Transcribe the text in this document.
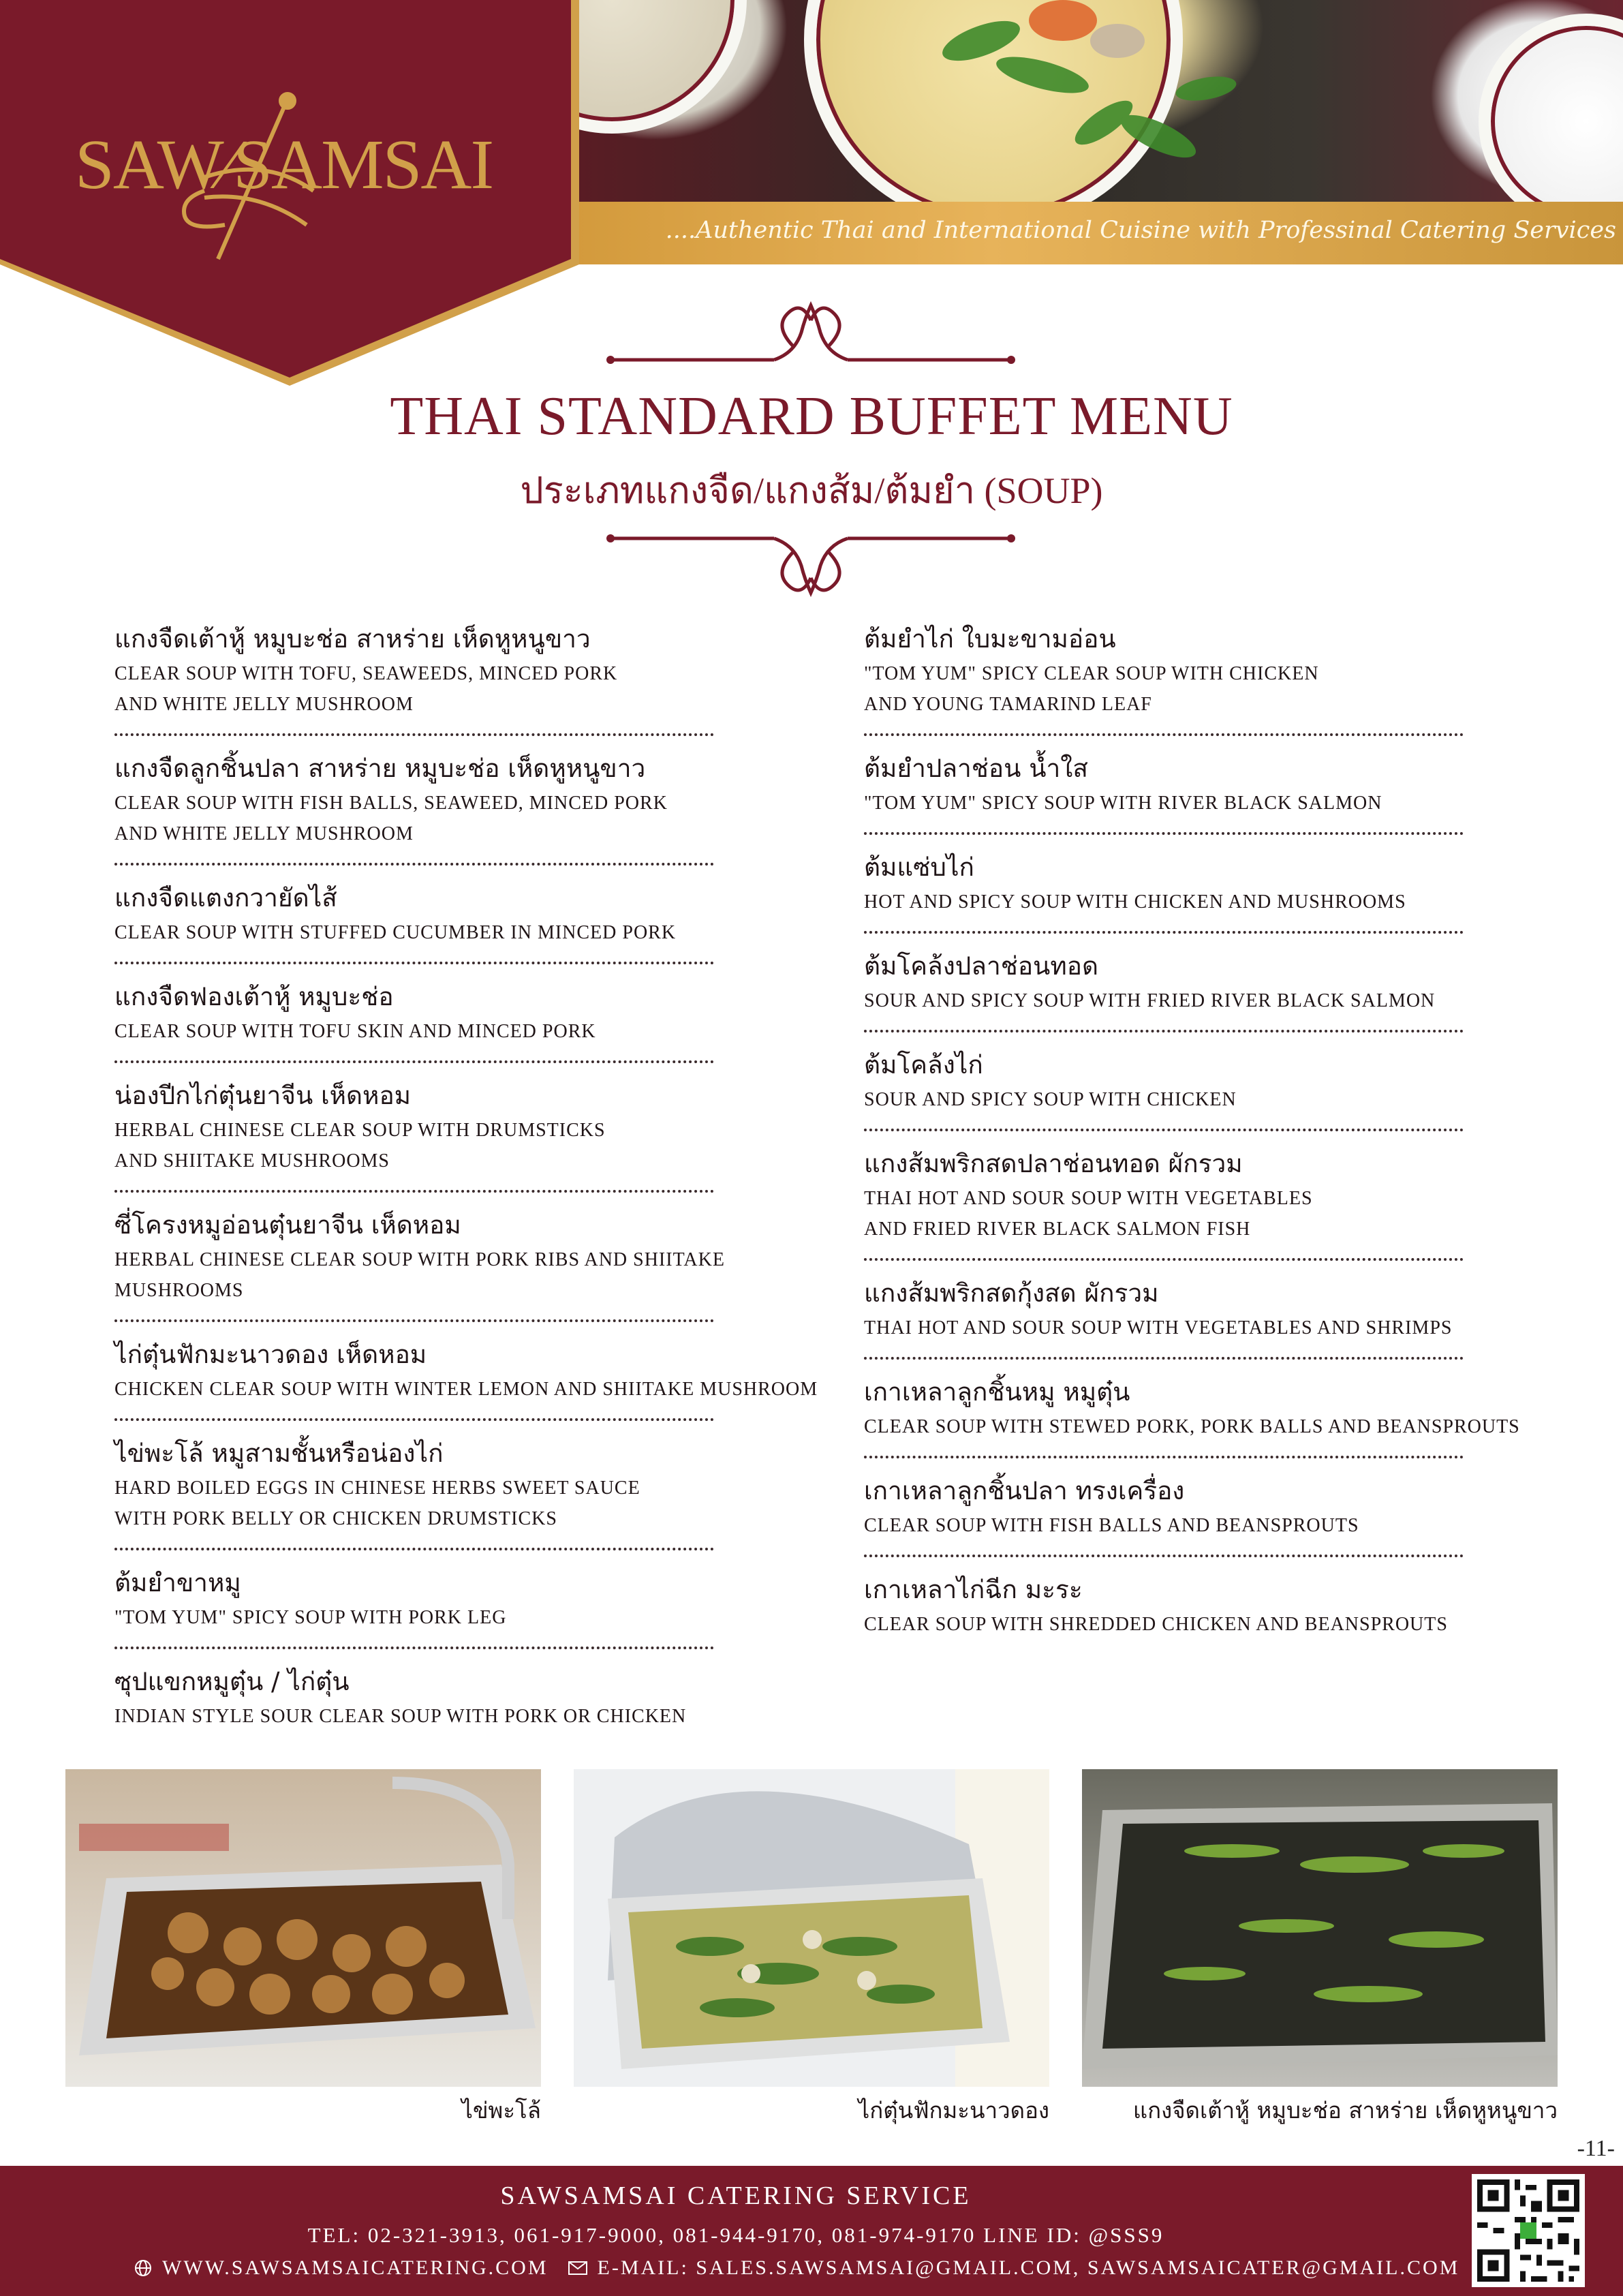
....Authentic Thai and International Cuisine with Professinal Catering Services
SAW∕SAMSAI
THAI STANDARD BUFFET MENU
ประเภทแกงจืด/แกงส้ม/ต้มยำ (SOUP)
แกงจืดเต้าหู้ หมูบะช่อ สาหร่าย เห็ดหูหนูขาว
CLEAR SOUP WITH TOFU, SEAWEEDS, MINCED PORK
AND WHITE JELLY MUSHROOM
แกงจืดลูกชิ้นปลา สาหร่าย หมูบะช่อ เห็ดหูหนูขาว
CLEAR SOUP WITH FISH BALLS, SEAWEED, MINCED PORK
AND WHITE JELLY MUSHROOM
แกงจืดแตงกวายัดไส้
CLEAR SOUP WITH STUFFED CUCUMBER IN MINCED PORK
แกงจืดฟองเต้าหู้ หมูบะช่อ
CLEAR SOUP WITH TOFU SKIN AND MINCED PORK
น่องปีกไก่ตุ๋นยาจีน เห็ดหอม
HERBAL CHINESE CLEAR SOUP WITH DRUMSTICKS
AND SHIITAKE MUSHROOMS
ซี่โครงหมูอ่อนตุ๋นยาจีน เห็ดหอม
HERBAL CHINESE CLEAR SOUP WITH PORK RIBS AND SHIITAKE MUSHROOMS
ไก่ตุ๋นฟักมะนาวดอง เห็ดหอม
CHICKEN CLEAR SOUP WITH WINTER LEMON AND SHIITAKE MUSHROOM
ไข่พะโล้ หมูสามชั้นหรือน่องไก่
HARD BOILED EGGS IN CHINESE HERBS SWEET SAUCE
WITH PORK BELLY OR CHICKEN DRUMSTICKS
ต้มยำขาหมู
"TOM YUM" SPICY SOUP WITH PORK LEG
ซุปแขกหมูตุ๋น / ไก่ตุ๋น
INDIAN STYLE SOUR CLEAR SOUP WITH PORK OR CHICKEN
ต้มยำไก่ ใบมะขามอ่อน
"TOM YUM" SPICY CLEAR SOUP WITH CHICKEN
AND YOUNG TAMARIND LEAF
ต้มยำปลาช่อน น้ำใส
"TOM YUM" SPICY SOUP WITH RIVER BLACK SALMON
ต้มแซ่บไก่
HOT AND SPICY SOUP WITH CHICKEN AND MUSHROOMS
ต้มโคล้งปลาช่อนทอด
SOUR AND SPICY SOUP WITH FRIED RIVER BLACK SALMON
ต้มโคล้งไก่
SOUR AND SPICY SOUP WITH CHICKEN
แกงส้มพริกสดปลาช่อนทอด ผักรวม
THAI HOT AND SOUR SOUP WITH VEGETABLES
AND FRIED RIVER BLACK SALMON FISH
แกงส้มพริกสดกุ้งสด ผักรวม
THAI HOT AND SOUR SOUP WITH VEGETABLES AND SHRIMPS
เกาเหลาลูกชิ้นหมู หมูตุ๋น
CLEAR SOUP WITH STEWED PORK, PORK BALLS AND BEANSPROUTS
เกาเหลาลูกชิ้นปลา ทรงเครื่อง
CLEAR SOUP WITH FISH BALLS AND BEANSPROUTS
เกาเหลาไก่ฉีก มะระ
CLEAR SOUP WITH SHREDDED CHICKEN AND BEANSPROUTS
ไข่พะโล้	ไก่ตุ๋นฟักมะนาวดอง	แกงจืดเต้าหู้ หมูบะช่อ สาหร่าย เห็ดหูหนูขาว
-11-
SAWSAMSAI CATERING SERVICE
TEL: 02-321-3913, 061-917-9000, 081-944-9170, 081-974-9170 LINE ID: @SSS9
WWW.SAWSAMSAICATERING.COM E-MAIL: SALES.SAWSAMSAI@GMAIL.COM, SAWSAMSAICATER@GMAIL.COM
